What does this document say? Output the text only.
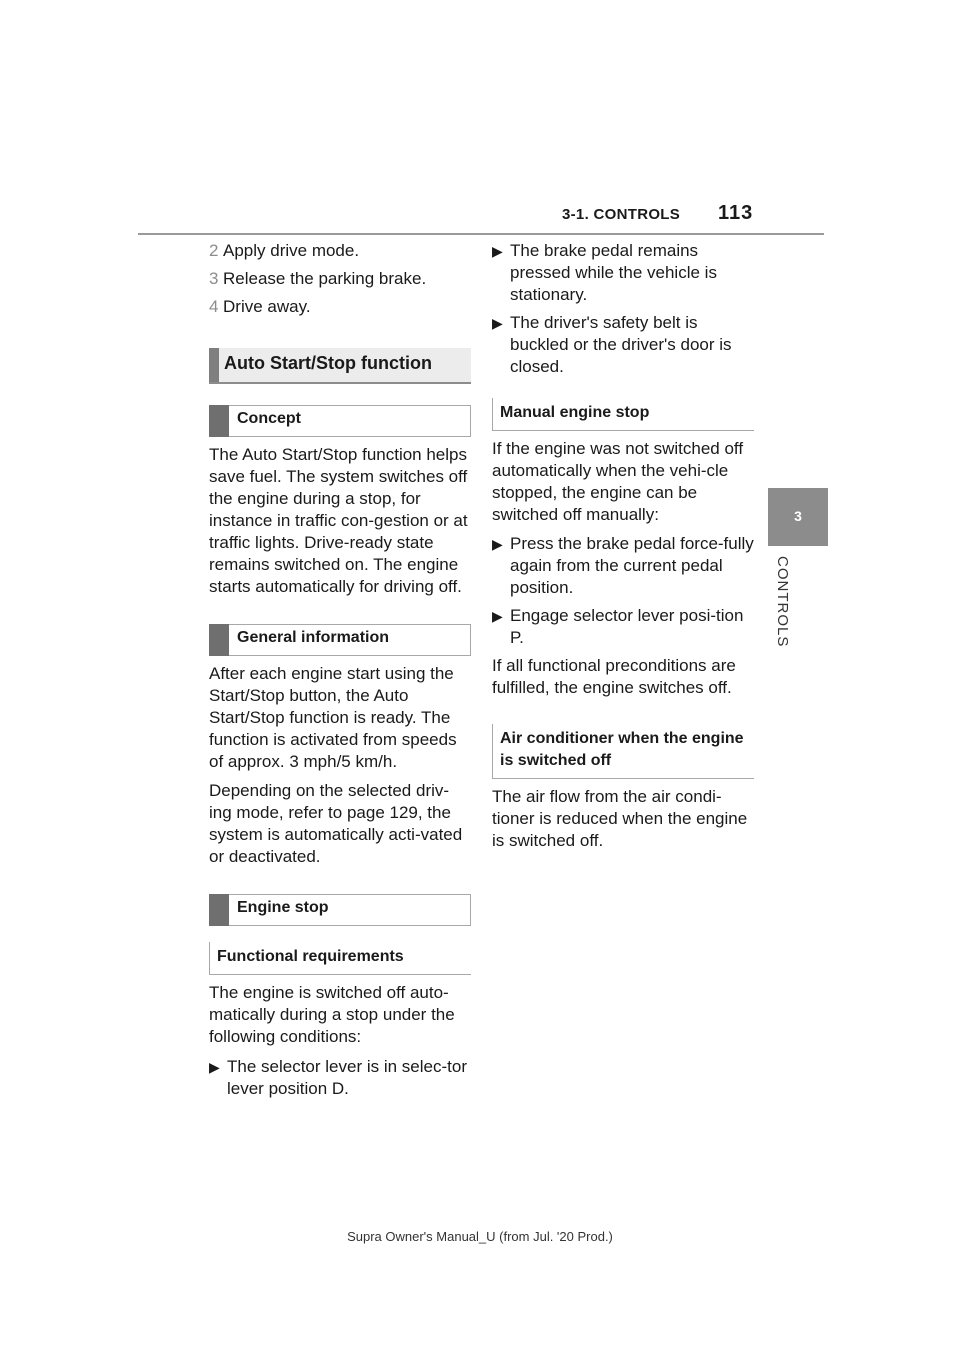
3-1. CONTROLS 113
3
CONTROLS

2 Apply drive mode.

3 Release the parking brake.

4 Drive away.

Auto Start/Stop function
Concept

The Auto Start/Stop function helps save fuel. The system switches off the engine during a stop, for instance in traffic con-gestion or at traffic lights. Drive-ready state remains switched on. The engine starts automatically for driving off.

General information

After each engine start using the Start/Stop button, the Auto Start/Stop function is ready. The function is activated from speeds of approx. 3 mph/5 km/h.

Depending on the selected driv-ing mode, refer to page 129, the system is automatically acti-vated or deactivated.

Engine stop
Functional requirements

The engine is switched off auto-matically during a stop under the following conditions:

▶ The selector lever is in selec-tor lever position D.

▶ The brake pedal remains pressed while the vehicle is stationary.

▶ The driver's safety belt is buckled or the driver's door is closed.

Manual engine stop

If the engine was not switched off automatically when the vehi-cle stopped, the engine can be switched off manually:

▶ Press the brake pedal force-fully again from the current pedal position.

▶ Engage selector lever posi-tion P.

If all functional preconditions are fulfilled, the engine switches off.

Air conditioner when the engine is switched off

The air flow from the air condi-tioner is reduced when the engine is switched off.

Supra Owner's Manual_U (from Jul. '20 Prod.)
